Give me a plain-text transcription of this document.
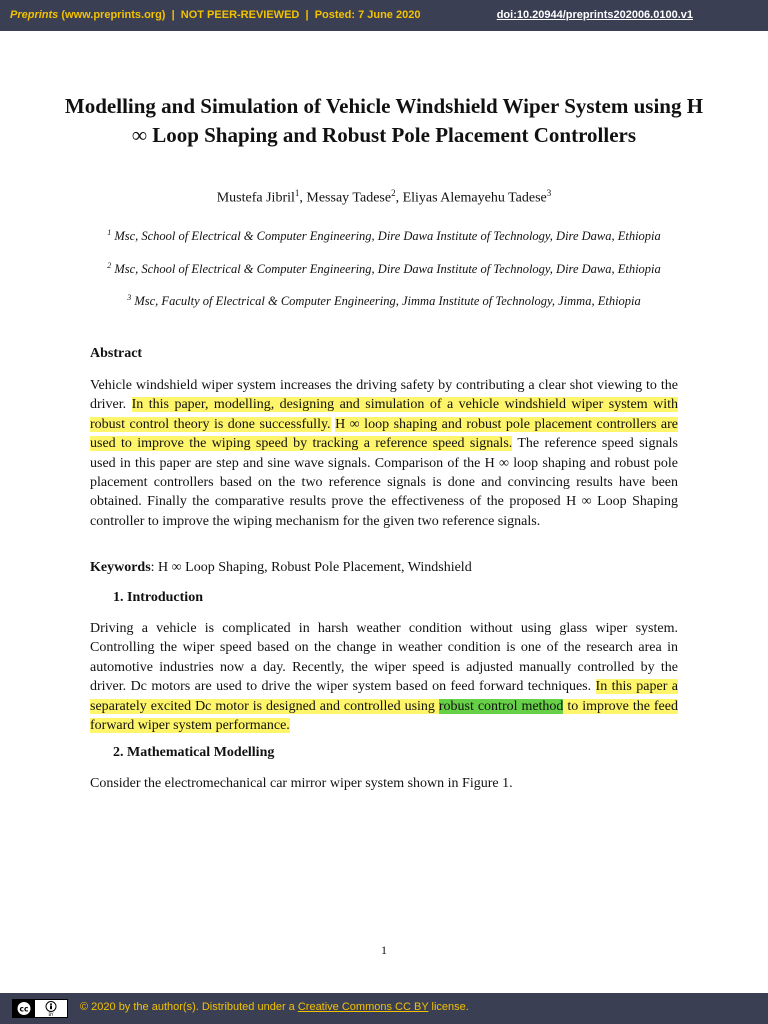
Preprints (www.preprints.org) | NOT PEER-REVIEWED | Posted: 7 June 2020	doi:10.20944/preprints202006.0100.v1
Modelling and Simulation of Vehicle Windshield Wiper System using H ∞ Loop Shaping and Robust Pole Placement Controllers
Mustefa Jibril$^1$, Messay Tadese$^2$, Eliyas Alemayehu Tadese$^3$
$^1$ Msc, School of Electrical & Computer Engineering, Dire Dawa Institute of Technology, Dire Dawa, Ethiopia
$^2$ Msc, School of Electrical & Computer Engineering, Dire Dawa Institute of Technology, Dire Dawa, Ethiopia
$^3$ Msc, Faculty of Electrical & Computer Engineering, Jimma Institute of Technology, Jimma, Ethiopia
Abstract
Vehicle windshield wiper system increases the driving safety by contributing a clear shot viewing to the driver. In this paper, modelling, designing and simulation of a vehicle windshield wiper system with robust control theory is done successfully. H ∞ loop shaping and robust pole placement controllers are used to improve the wiping speed by tracking a reference speed signals. The reference speed signals used in this paper are step and sine wave signals. Comparison of the H ∞ loop shaping and robust pole placement controllers based on the two reference signals is done and convincing results have been obtained. Finally the comparative results prove the effectiveness of the proposed H ∞ Loop Shaping controller to improve the wiping mechanism for the given two reference signals.
Keywords: H ∞ Loop Shaping, Robust Pole Placement, Windshield
1. Introduction
Driving a vehicle is complicated in harsh weather condition without using glass wiper system. Controlling the wiper speed based on the change in weather condition is one of the research area in automotive industries now a day. Recently, the wiper speed is adjusted manually controlled by the driver. Dc motors are used to drive the wiper system based on feed forward techniques. In this paper a separately excited Dc motor is designed and controlled using robust control method to improve the feed forward wiper system performance.
2. Mathematical Modelling
Consider the electromechanical car mirror wiper system shown in Figure 1.
1
cc
BY
© 2020 by the author(s). Distributed under a Creative Commons CC BY license.
